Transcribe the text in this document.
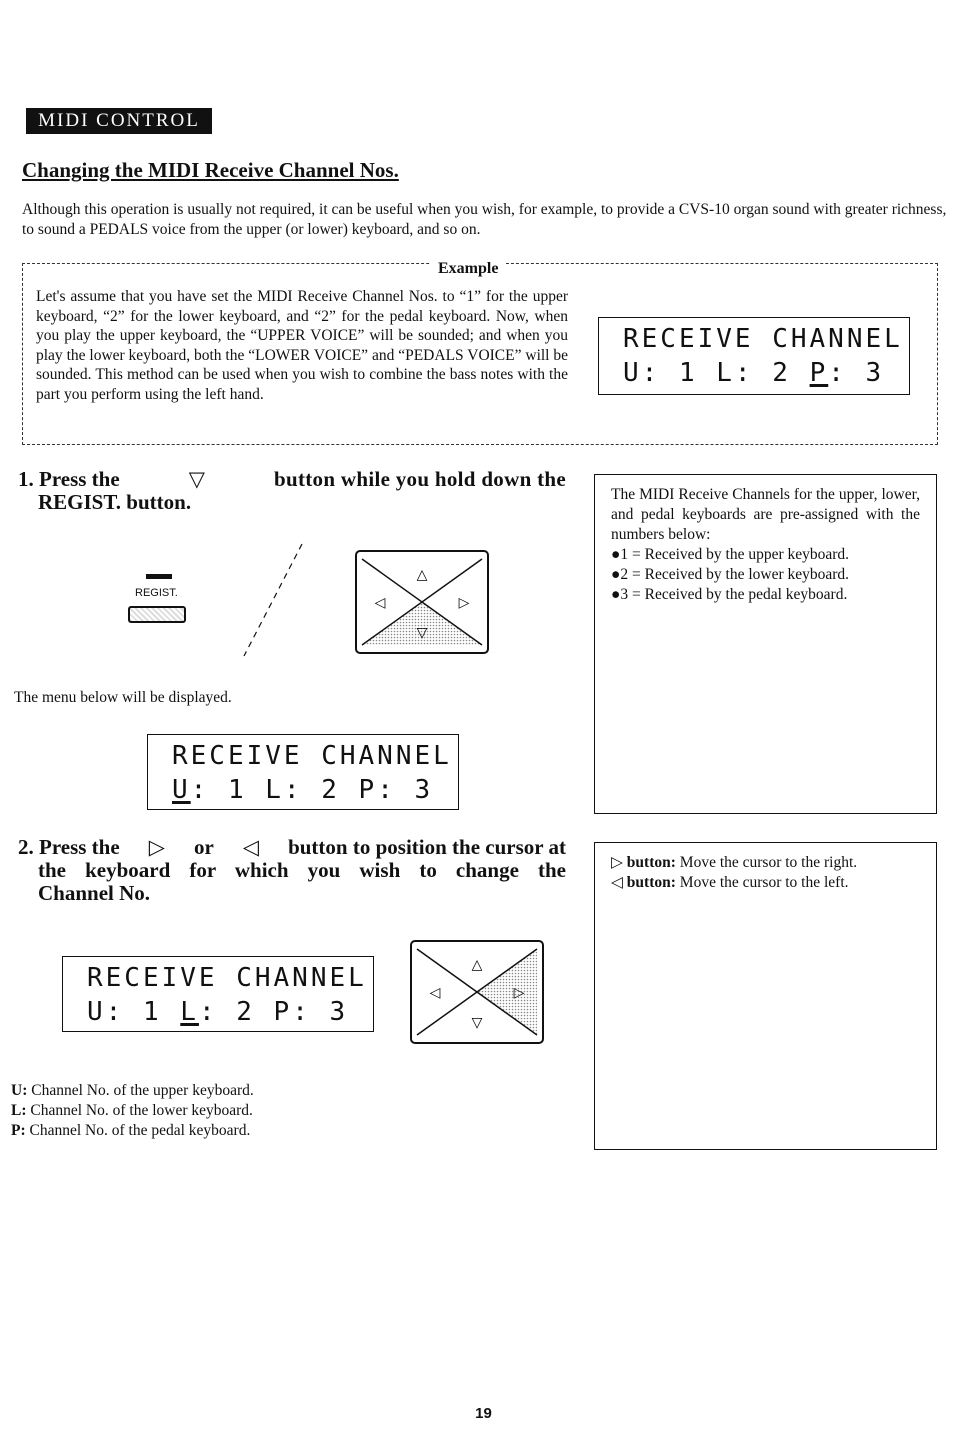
MIDI CONTROL
Changing the MIDI Receive Channel Nos.
Although this operation is usually not required, it can be useful when you wish, for example, to provide a CVS-10 organ sound with greater richness, to sound a PEDALS voice from the upper (or lower) keyboard, and so on.
Example
Let's assume that you have set the MIDI Receive Channel Nos. to “1” for the upper keyboard, “2” for the lower keyboard, and “2” for the pedal keyboard. Now, when you play the upper keyboard, the “UPPER VOICE” will be sounded; and when you play the lower keyboard, both the “LOWER VOICE” and “PEDALS VOICE” will be sounded. This method can be used when you wish to combine the bass notes with the part you perform using the left hand.
RECEIVE CHANNEL
U: 1 L: 2 P: 3
1. Press the	▽	button while you hold down the
REGIST. button.
REGIST.
△
◁	▷
▽
The menu below will be displayed.
RECEIVE CHANNEL
U: 1 L: 2 P: 3
The MIDI Receive Channels for the upper, lower, and pedal keyboards are pre-assigned with the numbers below:
●1 = Received by the upper keyboard.
●2 = Received by the lower keyboard.
●3 = Received by the pedal keyboard.
2. Press the ▷ or ◁ button to position the cursor at
the keyboard for which you wish to change the
Channel No.
RECEIVE CHANNEL
U: 1 L: 2 P: 3
△
◁	▷
▽
▷ button: Move the cursor to the right.
◁ button: Move the cursor to the left.
U: Channel No. of the upper keyboard.
L: Channel No. of the lower keyboard.
P: Channel No. of the pedal keyboard.
19
